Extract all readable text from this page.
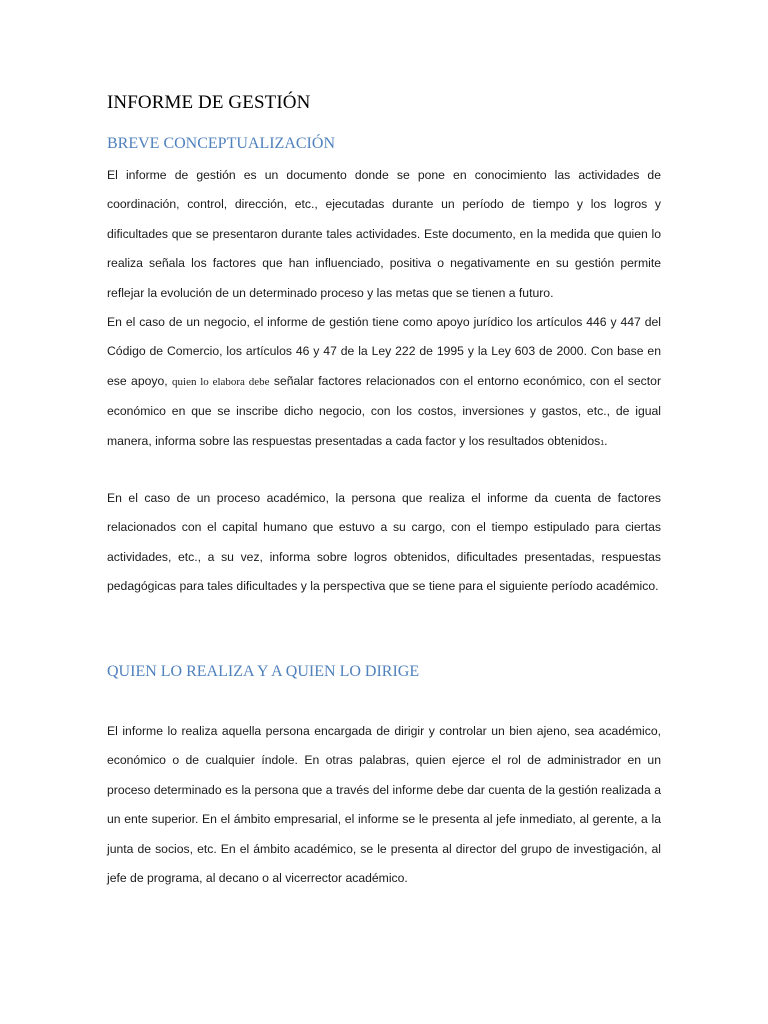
INFORME DE GESTIÓN
BREVE CONCEPTUALIZACIÓN

El informe de gestión es un documento donde se pone en conocimiento las actividades de coordinación, control, dirección, etc., ejecutadas durante un período de tiempo y los logros y dificultades que se presentaron durante tales actividades. Este documento, en la medida que quien lo realiza señala los factores que han influenciado, positiva o negativamente en su gestión permite reflejar la evolución de un determinado proceso y las metas que se tienen a futuro.

En el caso de un negocio, el informe de gestión tiene como apoyo jurídico los artículos 446 y 447 del Código de Comercio, los artículos 46 y 47 de la Ley 222 de 1995 y la Ley 603 de 2000. Con base en ese apoyo, quien lo elabora debe señalar factores relacionados con el entorno económico, con el sector económico en que se inscribe dicho negocio, con los costos, inversiones y gastos, etc., de igual manera, informa sobre las respuestas presentadas a cada factor y los resultados obtenidos1.

En el caso de un proceso académico, la persona que realiza el informe da cuenta de factores relacionados con el capital humano que estuvo a su cargo, con el tiempo estipulado para ciertas actividades, etc., a su vez, informa sobre logros obtenidos, dificultades presentadas, respuestas pedagógicas para tales dificultades y la perspectiva que se tiene para el siguiente período académico.

QUIEN LO REALIZA Y A QUIEN LO DIRIGE

El informe lo realiza aquella persona encargada de dirigir y controlar un bien ajeno, sea académico, económico o de cualquier índole. En otras palabras, quien ejerce el rol de administrador en un proceso determinado es la persona que a través del informe debe dar cuenta de la gestión realizada a un ente superior. En el ámbito empresarial, el informe se le presenta al jefe inmediato, al gerente, a la junta de socios, etc. En el ámbito académico, se le presenta al director del grupo de investigación, al jefe de programa, al decano o al vicerrector académico.
